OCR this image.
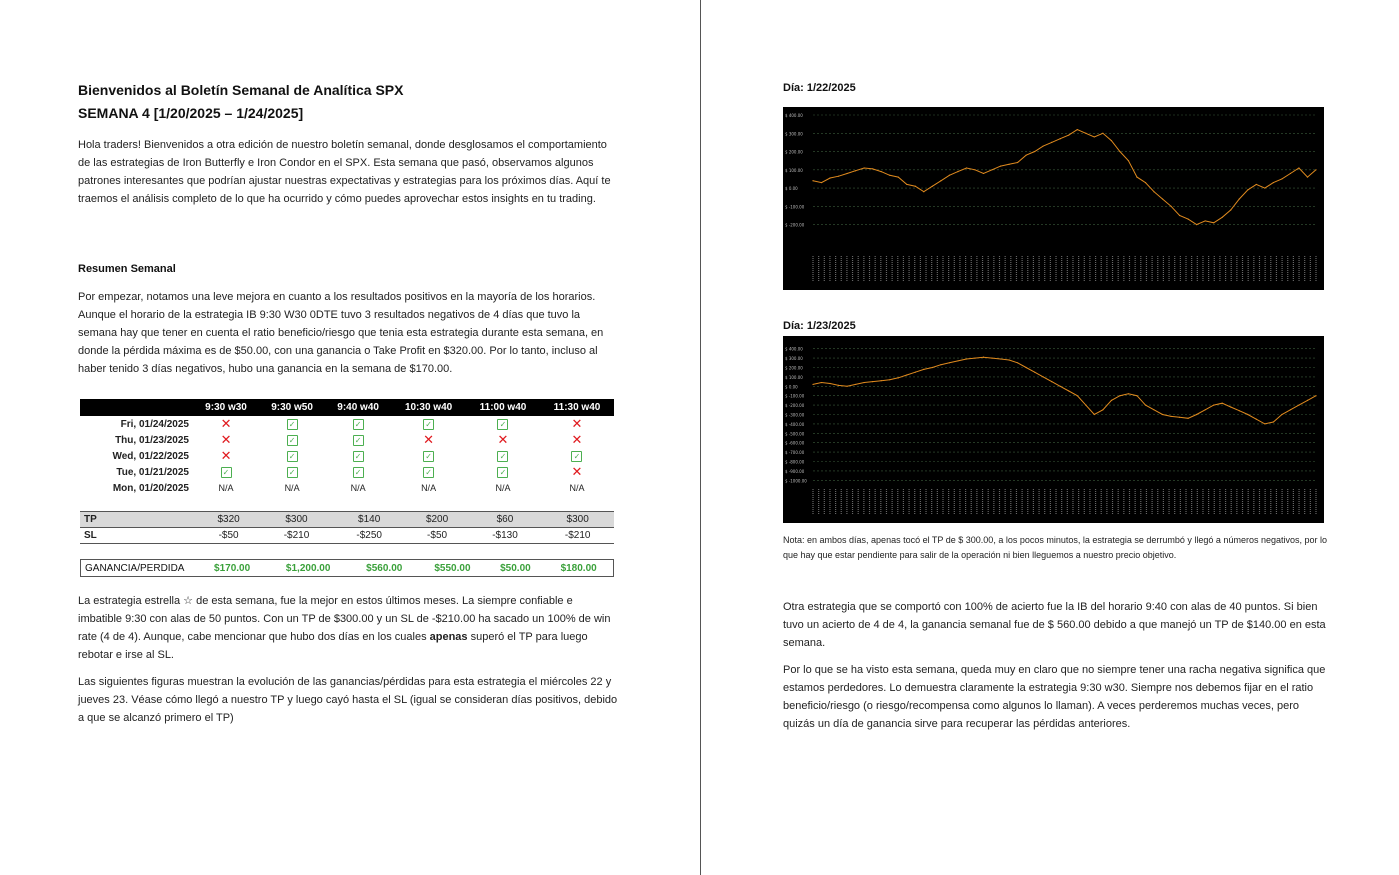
Bienvenidos al Boletín Semanal de Analítica SPX
SEMANA 4 [1/20/2025 – 1/24/2025]

Hola traders! Bienvenidos a otra edición de nuestro boletín semanal, donde desglosamos el comportamiento de las estrategias de Iron Butterfly e Iron Condor en el SPX. Esta semana que pasó, observamos algunos patrones interesantes que podrían ajustar nuestras expectativas y estrategias para los próximos días. Aquí te traemos el análisis completo de lo que ha ocurrido y cómo puedes aprovechar estos insights en tu trading.

Resumen Semanal

Por empezar, notamos una leve mejora en cuanto a los resultados positivos en la mayoría de los horarios. Aunque el horario de la estrategia IB 9:30 W30 0DTE tuvo 3 resultados negativos de 4 días que tuvo la semana hay que tener en cuenta el ratio beneficio/riesgo que tenia esta estrategia durante esta semana, en donde la pérdida máxima es de $50.00, con una ganancia o Take Profit en $320.00. Por lo tanto, incluso al haber tenido 3 días negativos, hubo una ganancia en la semana de $170.00.

	9:30 w30	9:30 w50	9:40 w40	10:30 w40	11:00 w40	11:30 w40
Fri, 01/24/2025	✕	✓	✓	✓	✓	✕
Thu, 01/23/2025	✕	✓	✓	✕	✕	✕
Wed, 01/22/2025	✕	✓	✓	✓	✓	✓
Tue, 01/21/2025	✓	✓	✓	✓	✓	✕
Mon, 01/20/2025	N/A	N/A	N/A	N/A	N/A	N/A
TP	$320	$300	$140	$200	$60	$300
SL	-$50	-$210	-$250	-$50	-$130	-$210
GANANCIA/PERDIDA	$170.00	$1,200.00	$560.00	$550.00	$50.00	$180.00

La estrategia estrella ☆ de esta semana, fue la mejor en estos últimos meses. La siempre confiable e imbatible 9:30 con alas de 50 puntos. Con un TP de $300.00 y un SL de -$210.00 ha sacado un 100% de win rate (4 de 4). Aunque, cabe mencionar que hubo dos días en los cuales apenas superó el TP para luego rebotar e irse al SL.

Las siguientes figuras muestran la evolución de las ganancias/pérdidas para esta estrategia el miércoles 22 y jueves 23. Véase cómo llegó a nuestro TP y luego cayó hasta el SL (igual se consideran días positivos, debido a que se alcanzó primero el TP)

Día: 1/22/2025
$ 400.00
$ 300.00
$ 200.00
$ 100.00
$ 0.00
$ -100.00
$ -200.00
Día: 1/23/2025
$ 400.00
$ 300.00
$ 200.00
$ 100.00
$ 0.00
$ -100.00
$ -200.00
$ -300.00
$ -400.00
$ -500.00
$ -600.00
$ -700.00
$ -800.00
$ -900.00
$ -1000.00

Nota: en ambos días, apenas tocó el TP de $ 300.00, a los pocos minutos, la estrategia se derrumbó y llegó a números negativos, por lo que hay que estar pendiente para salir de la operación ni bien lleguemos a nuestro precio objetivo.

Otra estrategia que se comportó con 100% de acierto fue la IB del horario 9:40 con alas de 40 puntos. Si bien tuvo un acierto de 4 de 4, la ganancia semanal fue de $ 560.00 debido a que manejó un TP de $140.00 en esta semana.

Por lo que se ha visto esta semana, queda muy en claro que no siempre tener una racha negativa significa que estamos perdedores. Lo demuestra claramente la estrategia 9:30 w30. Siempre nos debemos fijar en el ratio beneficio/riesgo (o riesgo/recompensa como algunos lo llaman). A veces perderemos muchas veces, pero quizás un día de ganancia sirve para recuperar las pérdidas anteriores.
